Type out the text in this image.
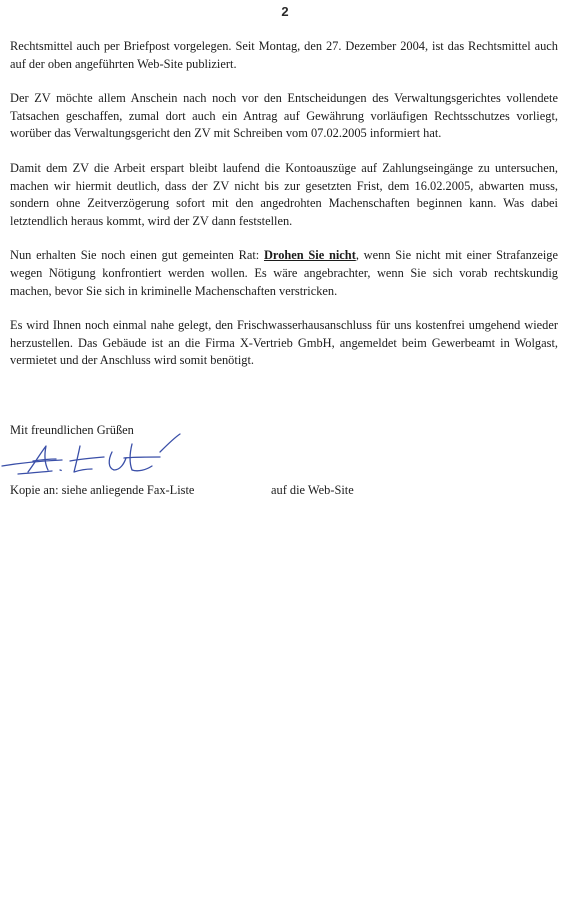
2

Rechtsmittel auch per Briefpost vorgelegen. Seit Montag, den 27. Dezember 2004, ist das Rechtsmittel auch auf der oben angeführten Web-Site publiziert.

Der ZV möchte allem Anschein nach noch vor den Entscheidungen des Verwaltungsgerichtes vollendete Tatsachen geschaffen, zumal dort auch ein Antrag auf Gewährung vorläufigen Rechtsschutzes vorliegt, worüber das Verwaltungsgericht den ZV mit Schreiben vom 07.02.2005 informiert hat.

Damit dem ZV die Arbeit erspart bleibt laufend die Kontoauszüge auf Zahlungseingänge zu untersuchen, machen wir hiermit deutlich, dass der ZV nicht bis zur gesetzten Frist, dem 16.02.2005, abwarten muss, sondern ohne Zeitverzögerung sofort mit den angedrohten Machenschaften beginnen kann. Was dabei letztendlich heraus kommt, wird der ZV dann feststellen.

Nun erhalten Sie noch einen gut gemeinten Rat: Drohen Sie nicht, wenn Sie nicht mit einer Strafanzeige wegen Nötigung konfrontiert werden wollen. Es wäre angebrachter, wenn Sie sich vorab rechtskundig machen, bevor Sie sich in kriminelle Machenschaften verstricken.

Es wird Ihnen noch einmal nahe gelegt, den Frischwasserhausanschluss für uns kostenfrei umgehend wieder herzustellen. Das Gebäude ist an die Firma X-Vertrieb GmbH, angemeldet beim Gewerbeamt in Wolgast, vermietet und der Anschluss wird somit benötigt.

Mit freundlichen Grüßen
Kopie an: siehe anliegende Fax-Liste	auf die Web-Site
